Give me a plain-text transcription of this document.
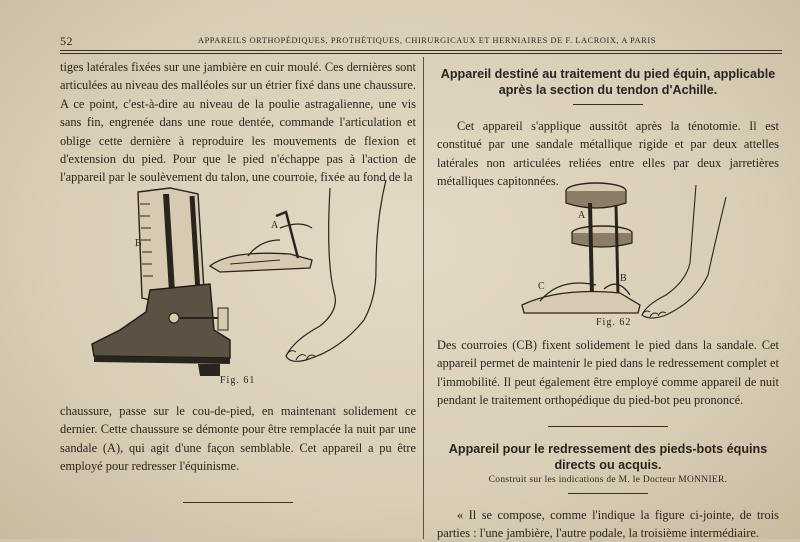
52	APPAREILS ORTHOPÉDIQUES, PROTHÉTIQUES, CHIRURGICAUX ET HERNIAIRES DE F. LACROIX, A PARIS

tiges latérales fixées sur une jambière en cuir moulé. Ces dernières sont articulées au niveau des malléoles sur un étrier fixé dans une chaussure. A ce point, c'est-à-dire au niveau de la poulie astragalienne, une vis sans fin, engrenée dans une roue dentée, commande l'articulation et oblige cette dernière à reproduire les mouvements de flexion et d'extension du pied. Pour que le pied n'échappe pas à l'action de l'appareil par le soulèvement du talon, une courroie, fixée au fond de la

B
A
Fig. 61

chaussure, passe sur le cou-de-pied, en maintenant solidement ce dernier. Cette chaussure se démonte pour être remplacée la nuit par une sandale (A), qui agit d'une façon semblable. Cet appareil a pu être employé pour redresser l'équinisme.

Appareil destiné au traitement du pied équin, applicable après la section du tendon d'Achille.

Cet appareil s'applique aussitôt après la ténotomie. Il est constitué par une sandale métallique rigide et par deux attelles latérales non articulées reliées entre elles par deux jarretières métalliques capitonnées.

A
B
C
Fig. 62

Des courroies (CB) fixent solidement le pied dans la sandale. Cet appareil permet de maintenir le pied dans le redressement complet et l'immobilité. Il peut également être employé comme appareil de nuit pendant le traitement orthopédique du pied-bot peu prononcé.

Appareil pour le redressement des pieds-bots équins directs ou acquis.
Construit sur les indications de M. le Docteur MONNIER.

« Il se compose, comme l'indique la figure ci-jointe, de trois parties : l'une jambière, l'autre podale, la troisième intermédiaire.
